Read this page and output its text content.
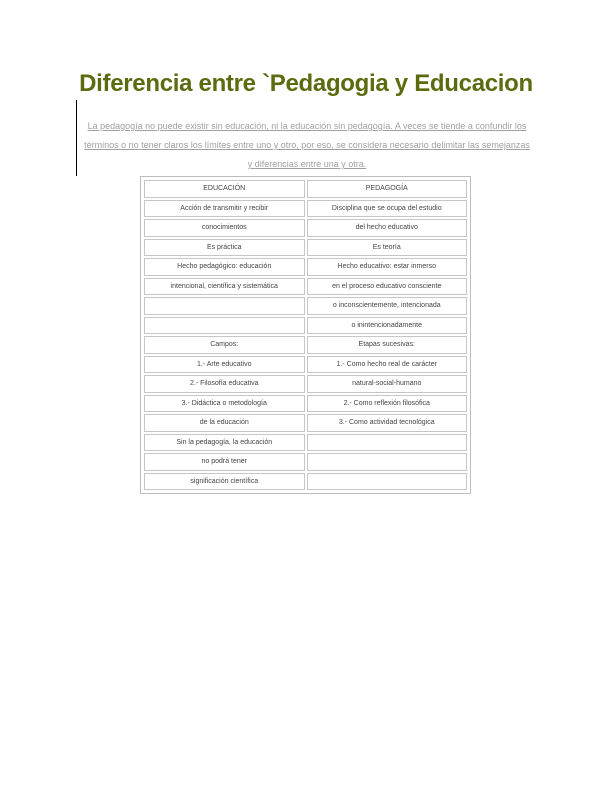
Diferencia entre `Pedagogia y Educacion

La pedagogía no puede existir sin educación, ni la educación sin pedagogía. A veces se tiende a confundir los términos o no tener claros los límites entre uno y otro, por eso, se considera necesario delimitar las semejanzas y diferencias entre una y otra.

EDUCACIÓN	PEDAGOGÍA
Acción de transmitir y recibir	Disciplina que se ocupa del estudio
conocimientos	del hecho educativo
Es práctica	Es teoría
Hecho pedagógico: educación	Hecho educativo: estar inmerso
intencional, científica y sistemática	en el proceso educativo consciente
	o inconscientemente, intencionada
	o inintencionadamente
Campos:	Etapas sucesivas:
1.- Arte educativo	1.- Como hecho real de carácter
2.- Filosofía educativa	natural-social-humano
3.- Didáctica o metodología	2.- Como reflexión filosófica
de la educación	3.- Como actividad tecnológica
Sin la pedagogía, la educación	
no podrá tener	
significación científica	
